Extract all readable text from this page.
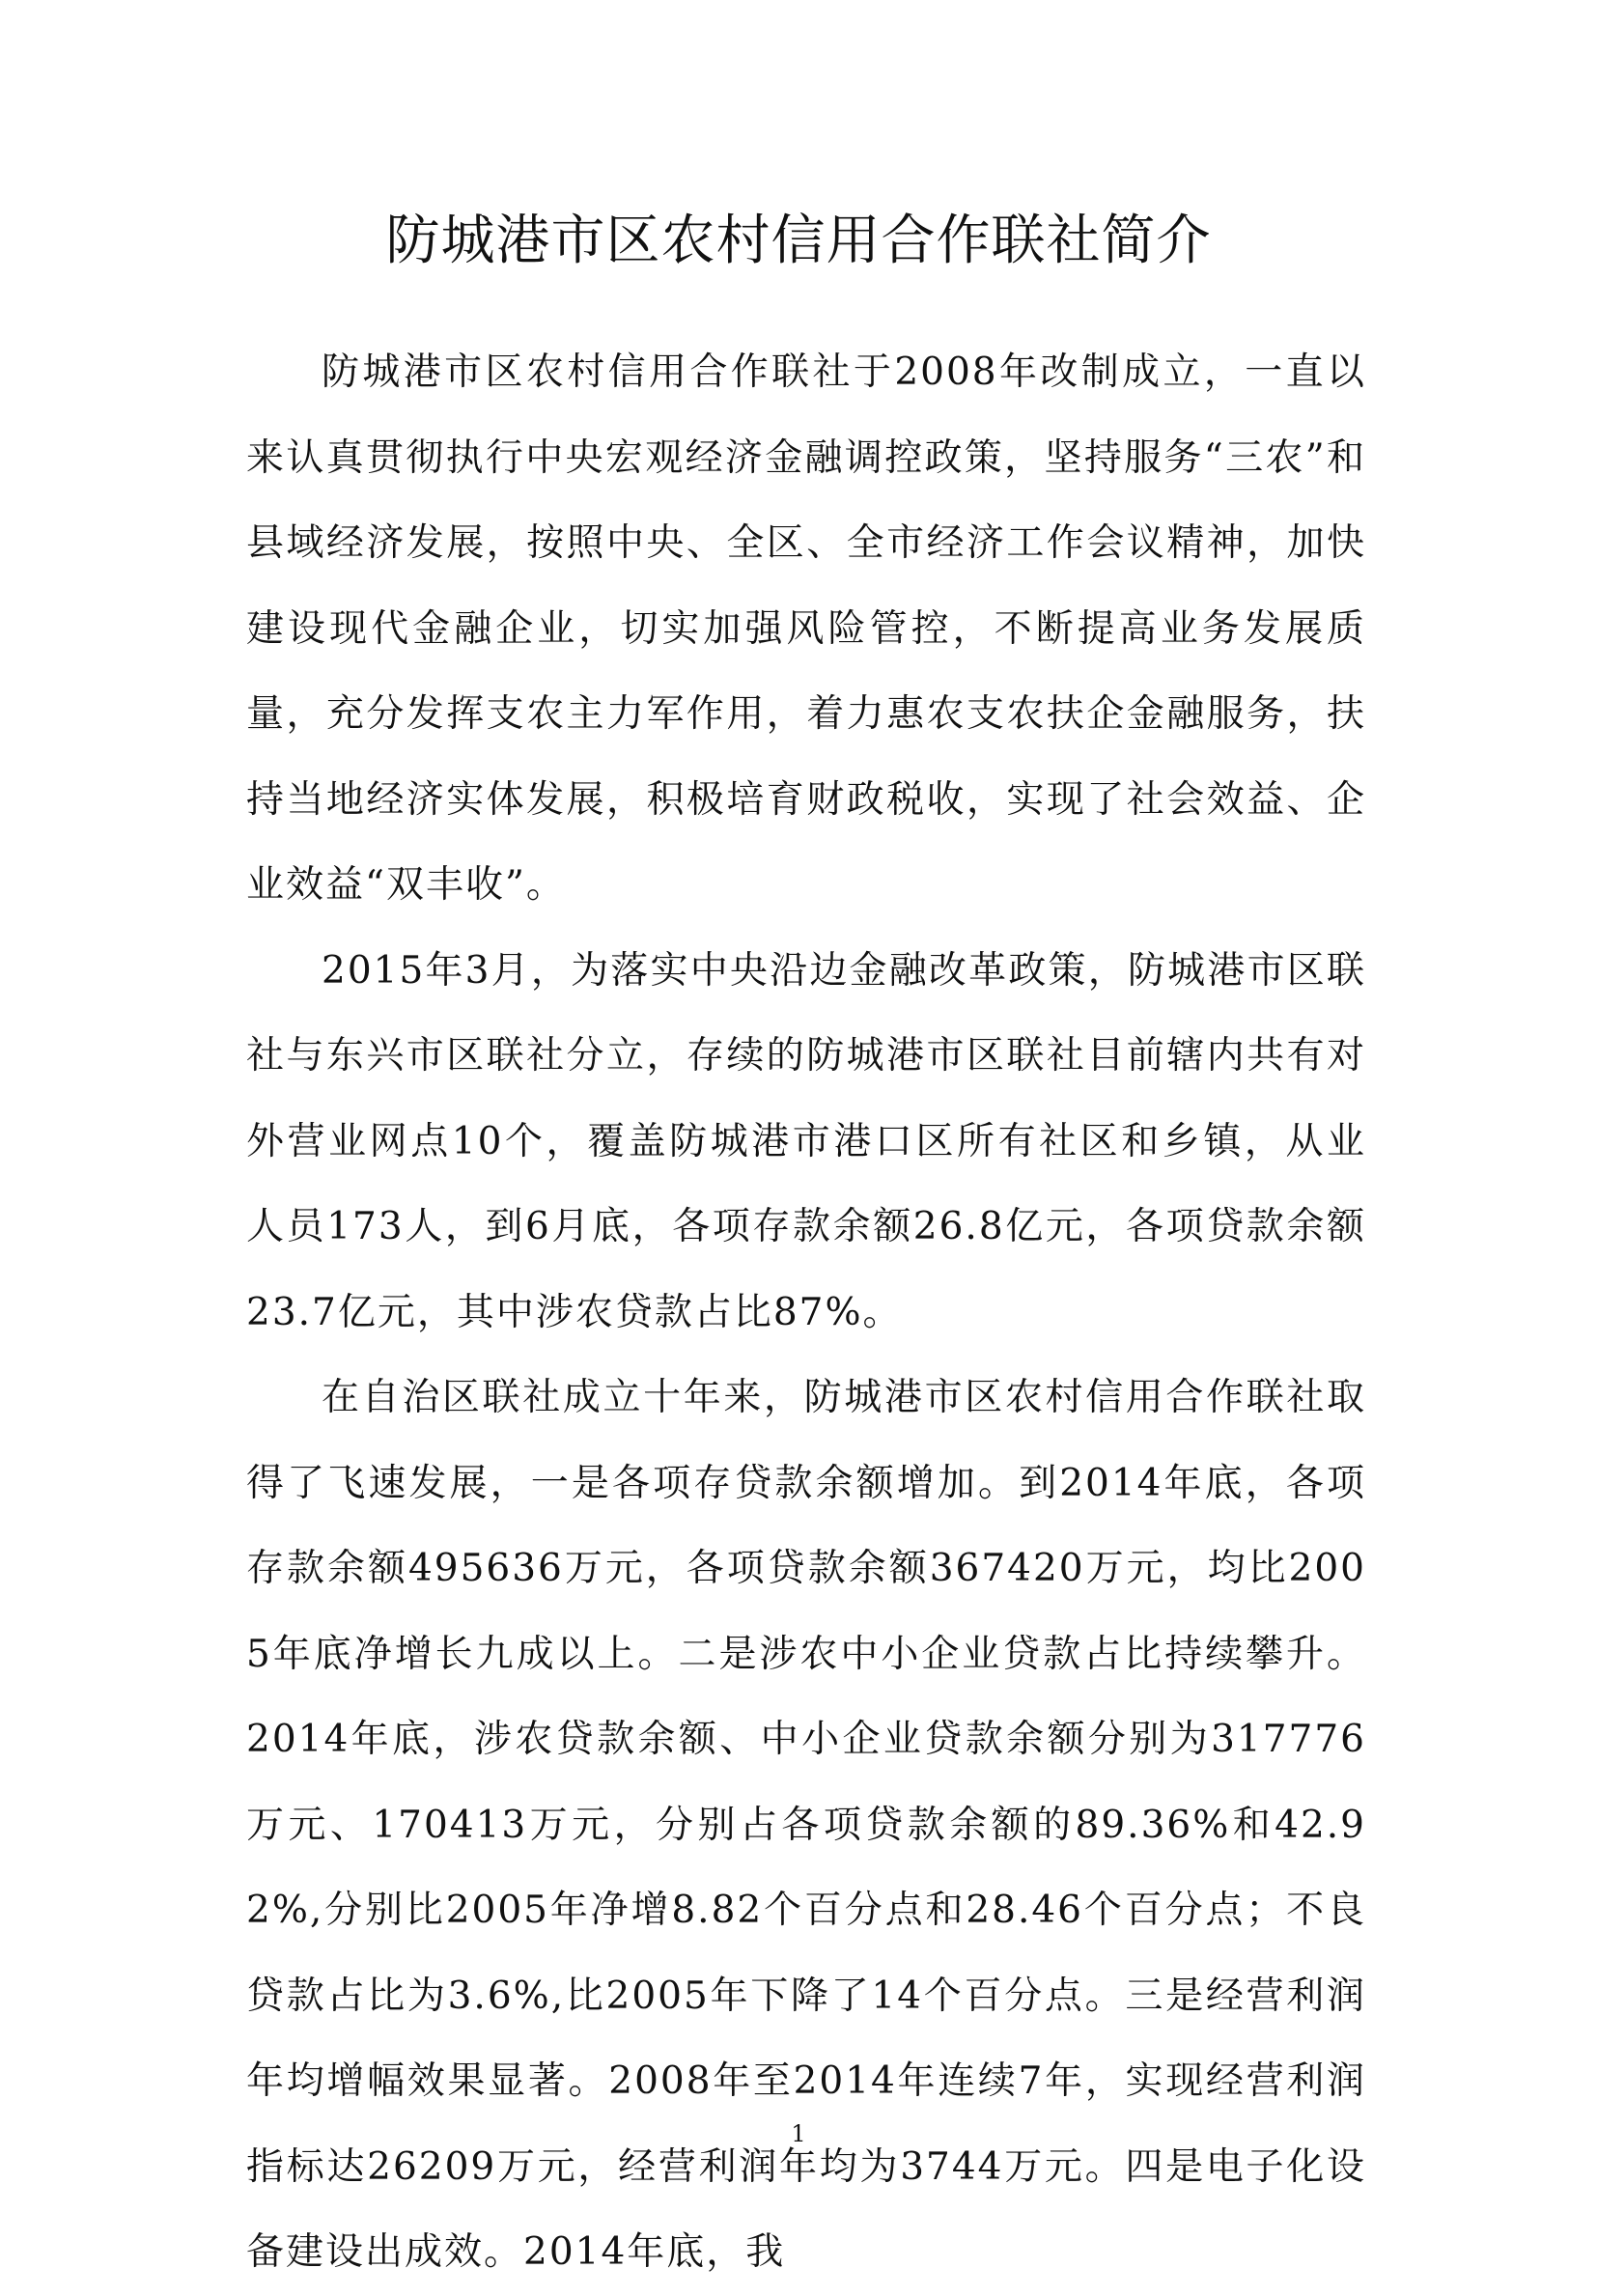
防城港市区农村信用合作联社简介

防城港市区农村信用合作联社于2008年改制成立，一直以来认真贯彻执行中央宏观经济金融调控政策，坚持服务“三农”和县域经济发展，按照中央、全区、全市经济工作会议精神，加快建设现代金融企业，切实加强风险管控，不断提高业务发展质量，充分发挥支农主力军作用，着力惠农支农扶企金融服务，扶持当地经济实体发展，积极培育财政税收，实现了社会效益、企业效益“双丰收”。

2015年3月，为落实中央沿边金融改革政策，防城港市区联社与东兴市区联社分立，存续的防城港市区联社目前辖内共有对外营业网点10个，覆盖防城港市港口区所有社区和乡镇，从业人员173人，到6月底，各项存款余额26.8亿元，各项贷款余额23.7亿元，其中涉农贷款占比87%。

在自治区联社成立十年来，防城港市区农村信用合作联社取得了飞速发展，一是各项存贷款余额增加。到2014年底，各项存款余额495636万元，各项贷款余额367420万元，均比2005年底净增长九成以上。二是涉农中小企业贷款占比持续攀升。2014年底，涉农贷款余额、中小企业贷款余额分别为317776万元、170413万元，分别占各项贷款余额的89.36%和42.92%,分别比2005年净增8.82个百分点和28.46个百分点；不良贷款占比为3.6%,比2005年下降了14个百分点。三是经营利润年均增幅效果显著。2008年至2014年连续7年，实现经营利润指标达26209万元，经营利润年均为3744万元。四是电子化设备建设出成效。2014年底，我

1
